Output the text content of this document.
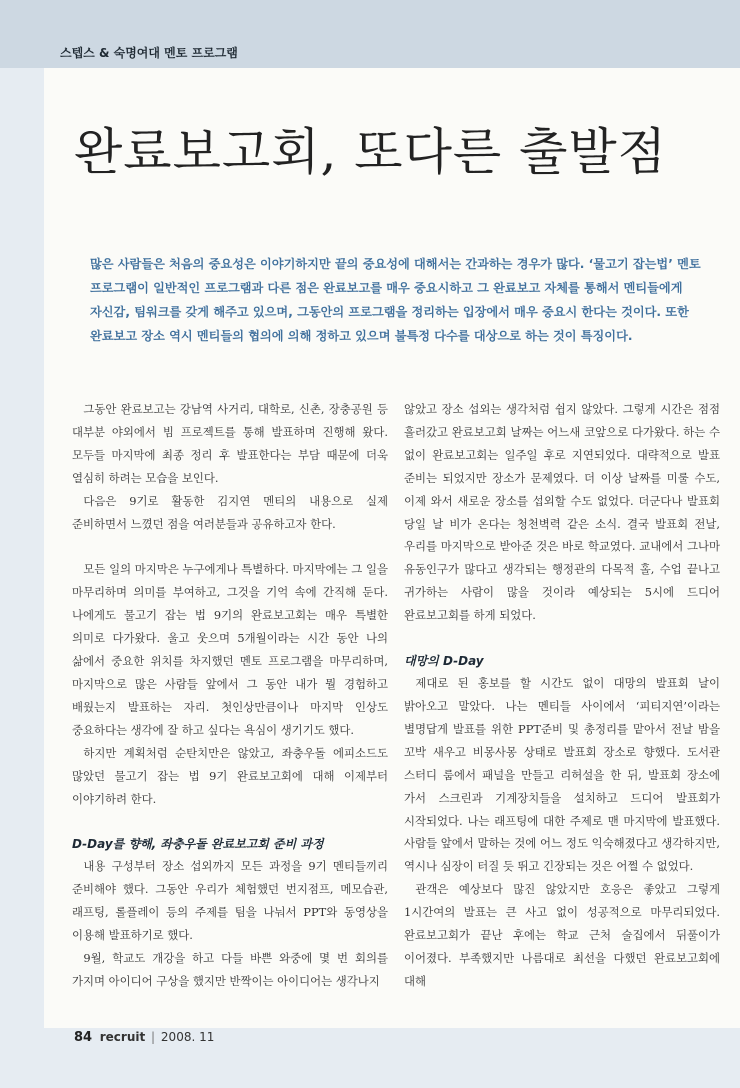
스텝스 & 숙명여대 멘토 프로그램
완료보고회, 또다른 출발점
많은 사람들은 처음의 중요성은 이야기하지만 끝의 중요성에 대해서는 간과하는 경우가 많다. ‘물고기 잡는법’ 멘토 프로그램이 일반적인 프로그램과 다른 점은 완료보고를 매우 중요시하고 그 완료보고 자체를 통해서 멘티들에게 자신감, 팀워크를 갖게 해주고 있으며, 그동안의 프로그램을 정리하는 입장에서 매우 중요시 한다는 것이다. 또한 완료보고 장소 역시 멘티들의 협의에 의해 정하고 있으며 불특정 다수를 대상으로 하는 것이 특징이다.

그동안 완료보고는 강남역 사거리, 대학로, 신촌, 장충공원 등 대부분 야외에서 빔 프로젝트를 통해 발표하며 진행해 왔다. 모두들 마지막에 최종 정리 후 발표한다는 부담 때문에 더욱 열심히 하려는 모습을 보인다.

다음은 9기로 활동한 김지연 멘티의 내용으로 실제 준비하면서 느꼈던 점을 여러분들과 공유하고자 한다.

모든 일의 마지막은 누구에게나 특별하다. 마지막에는 그 일을 마무리하며 의미를 부여하고, 그것을 기억 속에 간직해 둔다. 나에게도 물고기 잡는 법 9기의 완료보고회는 매우 특별한 의미로 다가왔다. 울고 웃으며 5개월이라는 시간 동안 나의 삶에서 중요한 위치를 차지했던 멘토 프로그램을 마무리하며, 마지막으로 많은 사람들 앞에서 그 동안 내가 뭘 경험하고 배웠는지 발표하는 자리. 첫인상만큼이나 마지막 인상도 중요하다는 생각에 잘 하고 싶다는 욕심이 생기기도 했다.

하지만 계획처럼 순탄치만은 않았고, 좌충우돌 에피소드도 많았던 물고기 잡는 법 9기 완료보고회에 대해 이제부터 이야기하려 한다.

D-Day를 향해, 좌충우돌 완료보고회 준비 과정

내용 구성부터 장소 섭외까지 모든 과정을 9기 멘티들끼리 준비해야 했다. 그동안 우리가 체험했던 번지점프, 메모습관, 래프팅, 롤플레이 등의 주제를 팀을 나눠서 PPT와 동영상을 이용해 발표하기로 했다.

9월, 학교도 개강을 하고 다들 바쁜 와중에 몇 번 회의를 가지며 아이디어 구상을 했지만 반짝이는 아이디어는 생각나지

않았고 장소 섭외는 생각처럼 쉽지 않았다. 그렇게 시간은 점점 흘러갔고 완료보고회 날짜는 어느새 코앞으로 다가왔다. 하는 수 없이 완료보고회는 일주일 후로 지연되었다. 대략적으로 발표 준비는 되었지만 장소가 문제였다. 더 이상 날짜를 미룰 수도, 이제 와서 새로운 장소를 섭외할 수도 없었다. 더군다나 발표회 당일 날 비가 온다는 청천벽력 같은 소식. 결국 발표회 전날, 우리를 마지막으로 받아준 것은 바로 학교였다. 교내에서 그나마 유동인구가 많다고 생각되는 행정관의 다목적 홀, 수업 끝나고 귀가하는 사람이 많을 것이라 예상되는 5시에 드디어 완료보고회를 하게 되었다.

대망의 D-Day

제대로 된 홍보를 할 시간도 없이 대망의 발표회 날이 밝아오고 말았다. 나는 멘티들 사이에서 ‘피티지연’이라는 별명답게 발표를 위한 PPT준비 및 총정리를 맡아서 전날 밤을 꼬박 새우고 비몽사몽 상태로 발표회 장소로 향했다. 도서관 스터디 룸에서 패널을 만들고 리허설을 한 뒤, 발표회 장소에 가서 스크린과 기계장치들을 설치하고 드디어 발표회가 시작되었다. 나는 래프팅에 대한 주제로 맨 마지막에 발표했다. 사람들 앞에서 말하는 것에 어느 정도 익숙해졌다고 생각하지만, 역시나 심장이 터질 듯 뛰고 긴장되는 것은 어쩔 수 없었다.

관객은 예상보다 많진 않았지만 호응은 좋았고 그렇게 1시간여의 발표는 큰 사고 없이 성공적으로 마무리되었다. 완료보고회가 끝난 후에는 학교 근처 술집에서 뒤풀이가 이어졌다. 부족했지만 나름대로 최선을 다했던 완료보고회에 대해

84 recruit | 2008. 11
